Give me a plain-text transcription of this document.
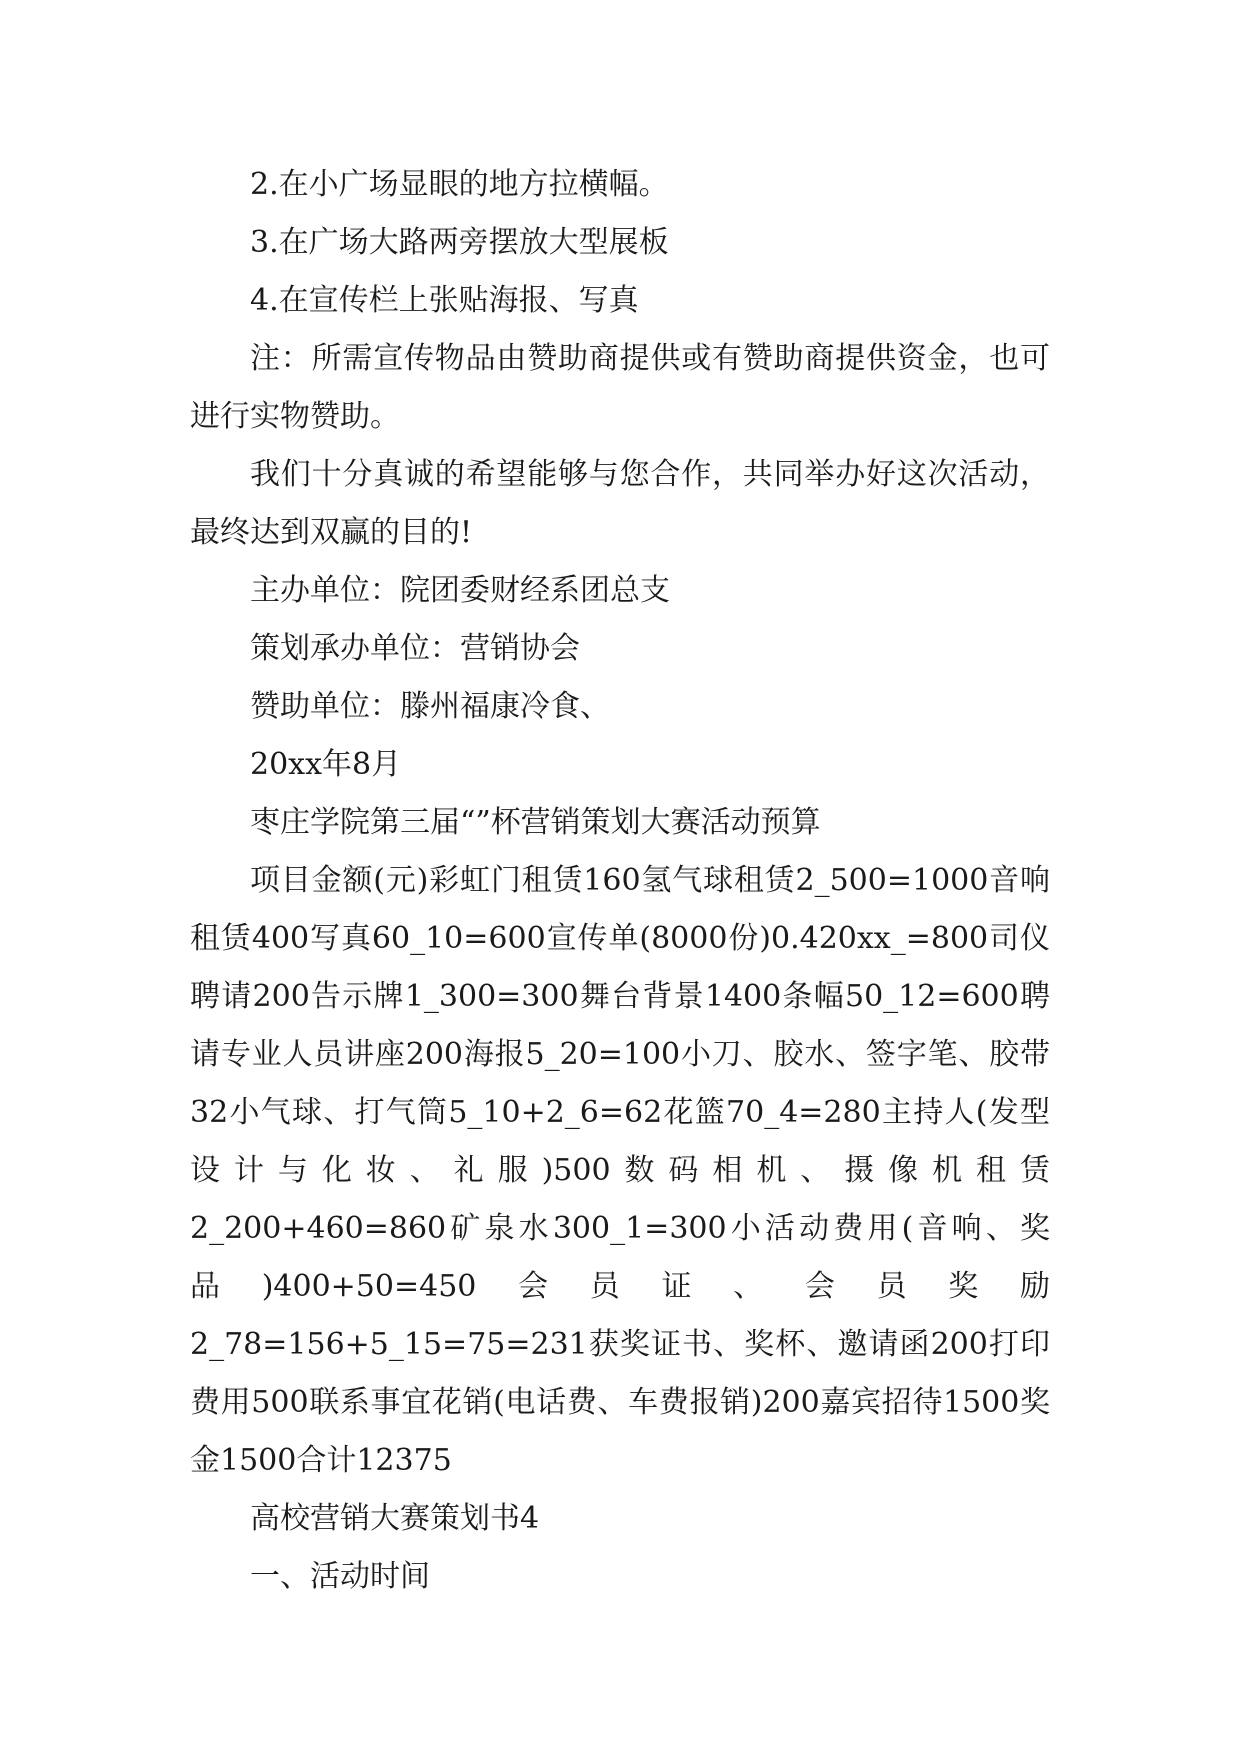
2.在小广场显眼的地方拉横幅。

3.在广场大路两旁摆放大型展板

4.在宣传栏上张贴海报、写真

注：所需宣传物品由赞助商提供或有赞助商提供资金，也可进行实物赞助。

我们十分真诚的希望能够与您合作，共同举办好这次活动，最终达到双赢的目的!

主办单位：院团委财经系团总支

策划承办单位：营销协会

赞助单位：滕州福康冷食、

20xx年8月

枣庄学院第三届“”杯营销策划大赛活动预算

项目金额(元)彩虹门租赁160氢气球租赁2_500=1000音响租赁400写真60_10=600宣传单(8000份)0.420xx_=800司仪聘请200告示牌1_300=300舞台背景1400条幅50_12=600聘请专业人员讲座200海报5_20=100小刀、胶水、签字笔、胶带32小气球、打气筒5_10+2_6=62花篮70_4=280主持人(发型设计与化妆、礼服)500数码相机、摄像机租赁2_200+460=860矿泉水300_1=300小活动费用(音响、奖品)400+50=450会员证、会员奖励2_78=156+5_15=75=231获奖证书、奖杯、邀请函200打印费用500联系事宜花销(电话费、车费报销)200嘉宾招待1500奖金1500合计12375

高校营销大赛策划书4

一、活动时间
